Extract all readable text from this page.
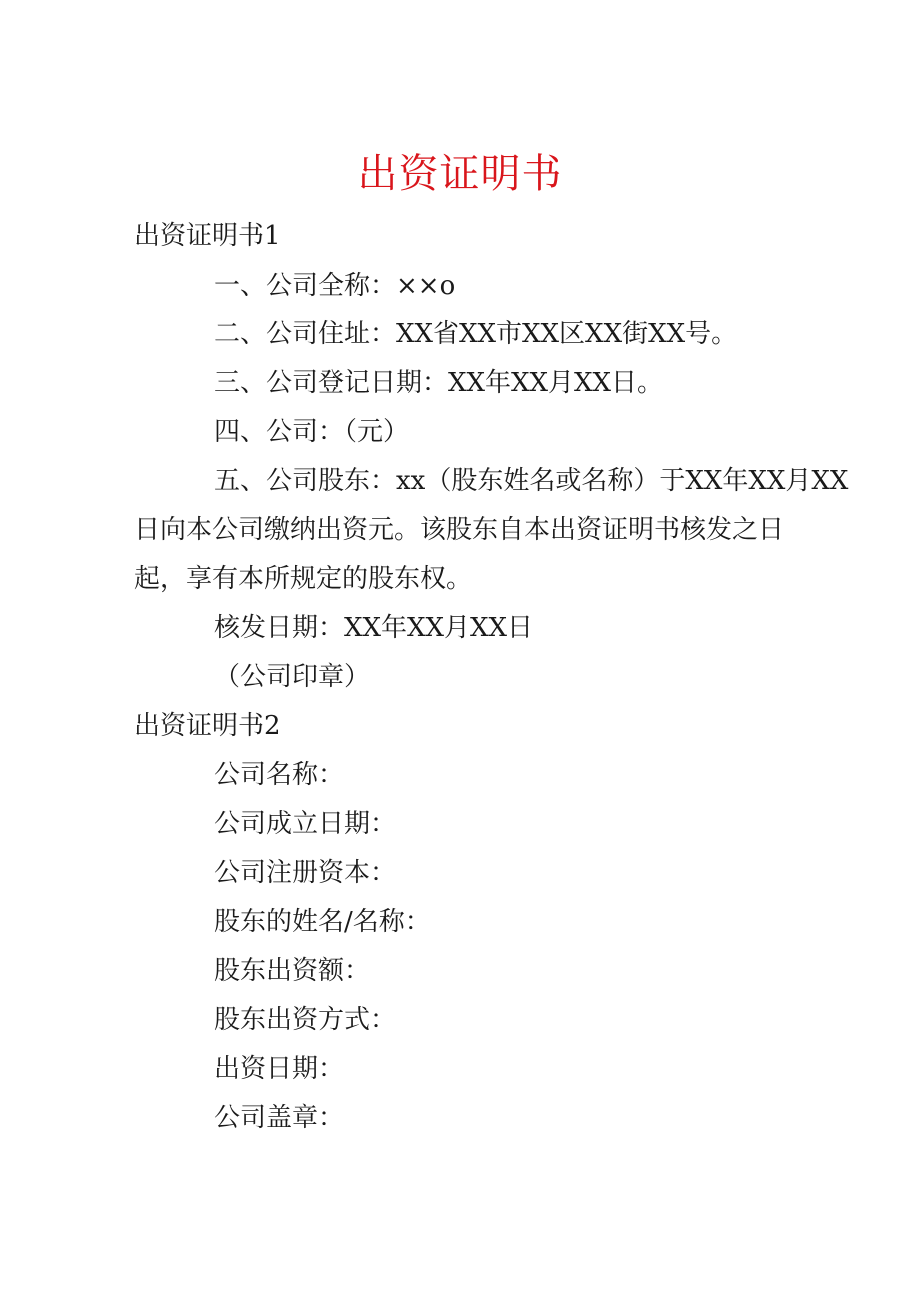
出资证明书
出资证明书1
一、公司全称：××o
二、公司住址：XX省XX市XX区XX街XX号。
三、公司登记日期：XX年XX月XX日。
四、公司：（元）
五、公司股东：xx（股东姓名或名称）于XX年XX月XX
日向本公司缴纳出资元。该股东自本出资证明书核发之日
起，享有本所规定的股东权。
核发日期：XX年XX月XX日
（公司印章）
出资证明书2
公司名称：
公司成立日期：
公司注册资本：
股东的姓名/名称：
股东出资额：
股东出资方式：
出资日期：
公司盖章：
